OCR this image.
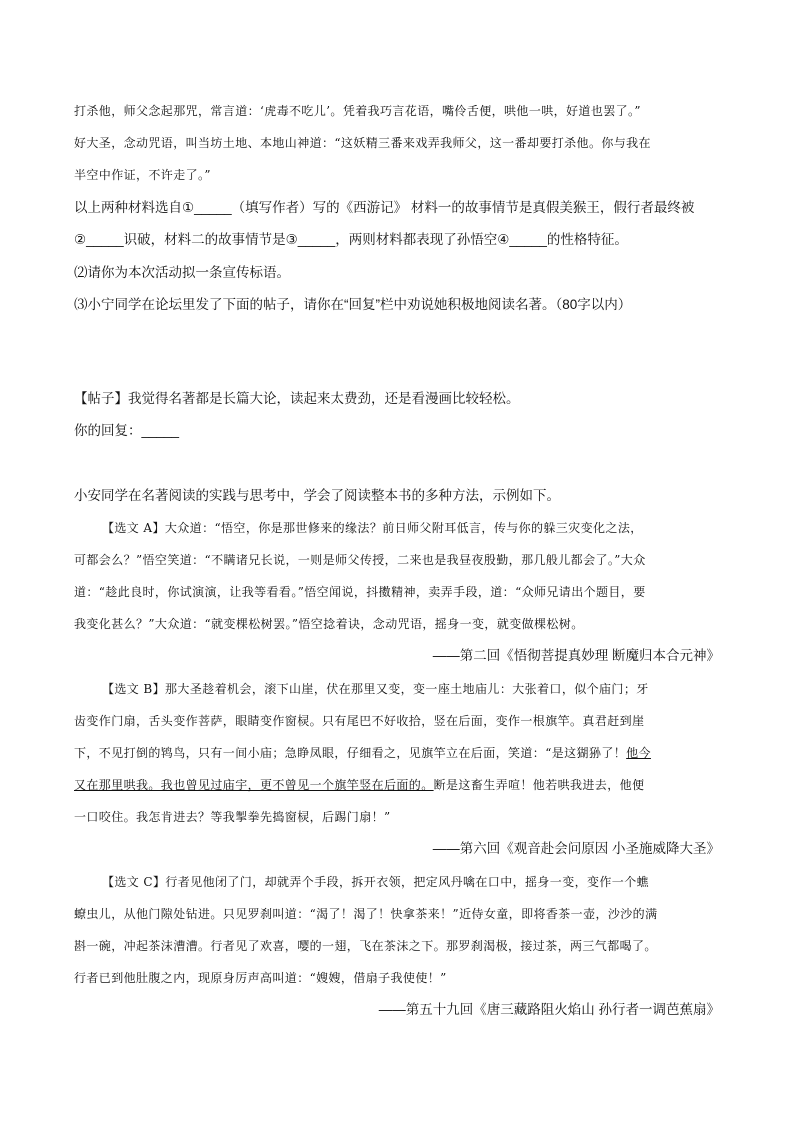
打杀他，师父念起那咒，常言道：‘虎毒不吃儿’。凭着我巧言花语，嘴伶舌便，哄他一哄，好道也罢了。”
好大圣，念动咒语，叫当坊土地、本地山神道：“这妖精三番来戏弄我师父，这一番却要打杀他。你与我在
半空中作证，不许走了。”
以上两种材料选自①_____（填写作者）写的《西游记》 材料一的故事情节是真假美猴王，假行者最终被
②_____识破，材料二的故事情节是③_____，两则材料都表现了孙悟空④_____的性格特征。
⑵请你为本次活动拟一条宣传标语。
⑶小宁同学在论坛里发了下面的帖子，请你在“回复”栏中劝说她积极地阅读名著。（80字以内）
【帖子】我觉得名著都是长篇大论，读起来太费劲，还是看漫画比较轻松。
你的回复：_____
小安同学在名著阅读的实践与思考中，学会了阅读整本书的多种方法，示例如下。
【选文 A】大众道：“悟空，你是那世修来的缘法？前日师父附耳低言，传与你的躲三灾变化之法，
可都会么？”悟空笑道：“不瞒诸兄长说，一则是师父传授，二来也是我昼夜殷勤，那几般儿都会了。”大众
道：“趁此良时，你试演演，让我等看看。”悟空闻说，抖擞精神，卖弄手段，道：“众师兄请出个题目，要
我变化甚么？”大众道：“就变棵松树罢。”悟空捻着诀，念动咒语，摇身一变，就变做棵松树。
——第二回《悟彻菩提真妙理 断魔归本合元神》
【选文 B】那大圣趁着机会，滚下山崖，伏在那里又变，变一座土地庙儿：大张着口，似个庙门；牙
齿变作门扇，舌头变作菩萨，眼睛变作窗棂。只有尾巴不好收拾，竖在后面，变作一根旗竿。真君赶到崖
下，不见打倒的鸨鸟，只有一间小庙；急睁凤眼，仔细看之，见旗竿立在后面，笑道：“是这猢狲了！他今
又在那里哄我。我也曾见过庙宇，更不曾见一个旗竿竖在后面的。断是这畜生弄喧！他若哄我进去，他便
一口咬住。我怎肯进去？等我掣拳先捣窗棂，后踢门扇！”
——第六回《观音赴会问原因 小圣施威降大圣》
【选文 C】行者见他闭了门，却就弄个手段，拆开衣领，把定风丹噙在口中，摇身一变，变作一个蟭
蟟虫儿，从他门隙处钻进。只见罗刹叫道：“渴了！渴了！快拿茶来！”近侍女童，即将香茶一壶，沙沙的满
斟一碗，冲起茶沫漕漕。行者见了欢喜，嘤的一翅，飞在茶沫之下。那罗刹渴极，接过茶，两三气都喝了。
行者已到他肚腹之内，现原身厉声高叫道：“嫂嫂，借扇子我使使！”
——第五十九回《唐三藏路阻火焰山 孙行者一调芭蕉扇》
